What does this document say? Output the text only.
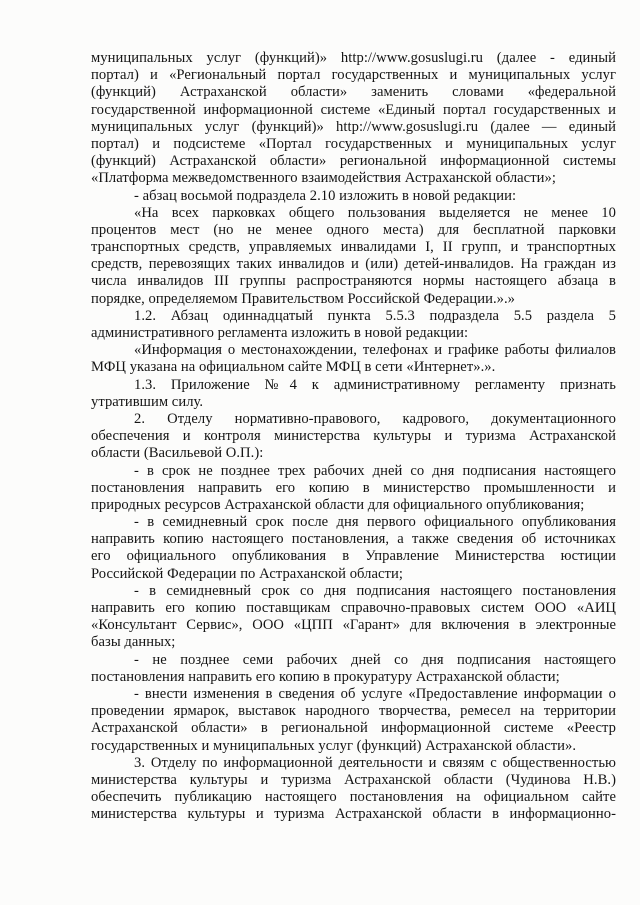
муниципальных услуг (функций)» http://www.gosuslugi.ru (далее - единый
портал) и «Региональный портал государственных и муниципальных услуг
(функций) Астраханской области» заменить словами «федеральной
государственной информационной системе «Единый портал государственных и
муниципальных услуг (функций)» http://www.gosuslugi.ru (далее — единый
портал) и подсистеме «Портал государственных и муниципальных услуг
(функций) Астраханской области» региональной информационной системы
«Платформа межведомственного взаимодействия Астраханской области»;
- абзац восьмой подраздела 2.10 изложить в новой редакции:
«На всех парковках общего пользования выделяется не менее 10
процентов мест (но не менее одного места) для бесплатной парковки
транспортных средств, управляемых инвалидами I, II групп, и транспортных
средств, перевозящих таких инвалидов и (или) детей-инвалидов. На граждан из
числа инвалидов III группы распространяются нормы настоящего абзаца в
порядке, определяемом Правительством Российской Федерации.».»
1.2. Абзац одиннадцатый пункта 5.5.3 подраздела 5.5 раздела 5
административного регламента изложить в новой редакции:
«Информация о местонахождении, телефонах и графике работы филиалов
МФЦ указана на официальном сайте МФЦ в сети «Интернет».».
1.3. Приложение №4 к административному регламенту признать
утратившим силу.
2. Отделу нормативно-правового, кадрового, документационного
обеспечения и контроля министерства культуры и туризма Астраханской
области (Васильевой О.П.):
- в срок не позднее трех рабочих дней со дня подписания настоящего
постановления направить его копию в министерство промышленности и
природных ресурсов Астраханской области для официального опубликования;
- в семидневный срок после дня первого официального опубликования
направить копию настоящего постановления, а также сведения об источниках
его официального опубликования в Управление Министерства юстиции
Российской Федерации по Астраханской области;
- в семидневный срок со дня подписания настоящего постановления
направить его копию поставщикам справочно-правовых систем ООО «АИЦ
«Консультант Сервис», ООО «ЦПП «Гарант» для включения в электронные
базы данных;
- не позднее семи рабочих дней со дня подписания настоящего
постановления направить его копию в прокуратуру Астраханской области;
- внести изменения в сведения об услуге «Предоставление информации о
проведении ярмарок, выставок народного творчества, ремесел на территории
Астраханской области» в региональной информационной системе «Реестр
государственных и муниципальных услуг (функций) Астраханской области».
3. Отделу по информационной деятельности и связям с общественностью
министерства культуры и туризма Астраханской области (Чудинова Н.В.)
обеспечить публикацию настоящего постановления на официальном сайте
министерства культуры и туризма Астраханской области в информационно-
